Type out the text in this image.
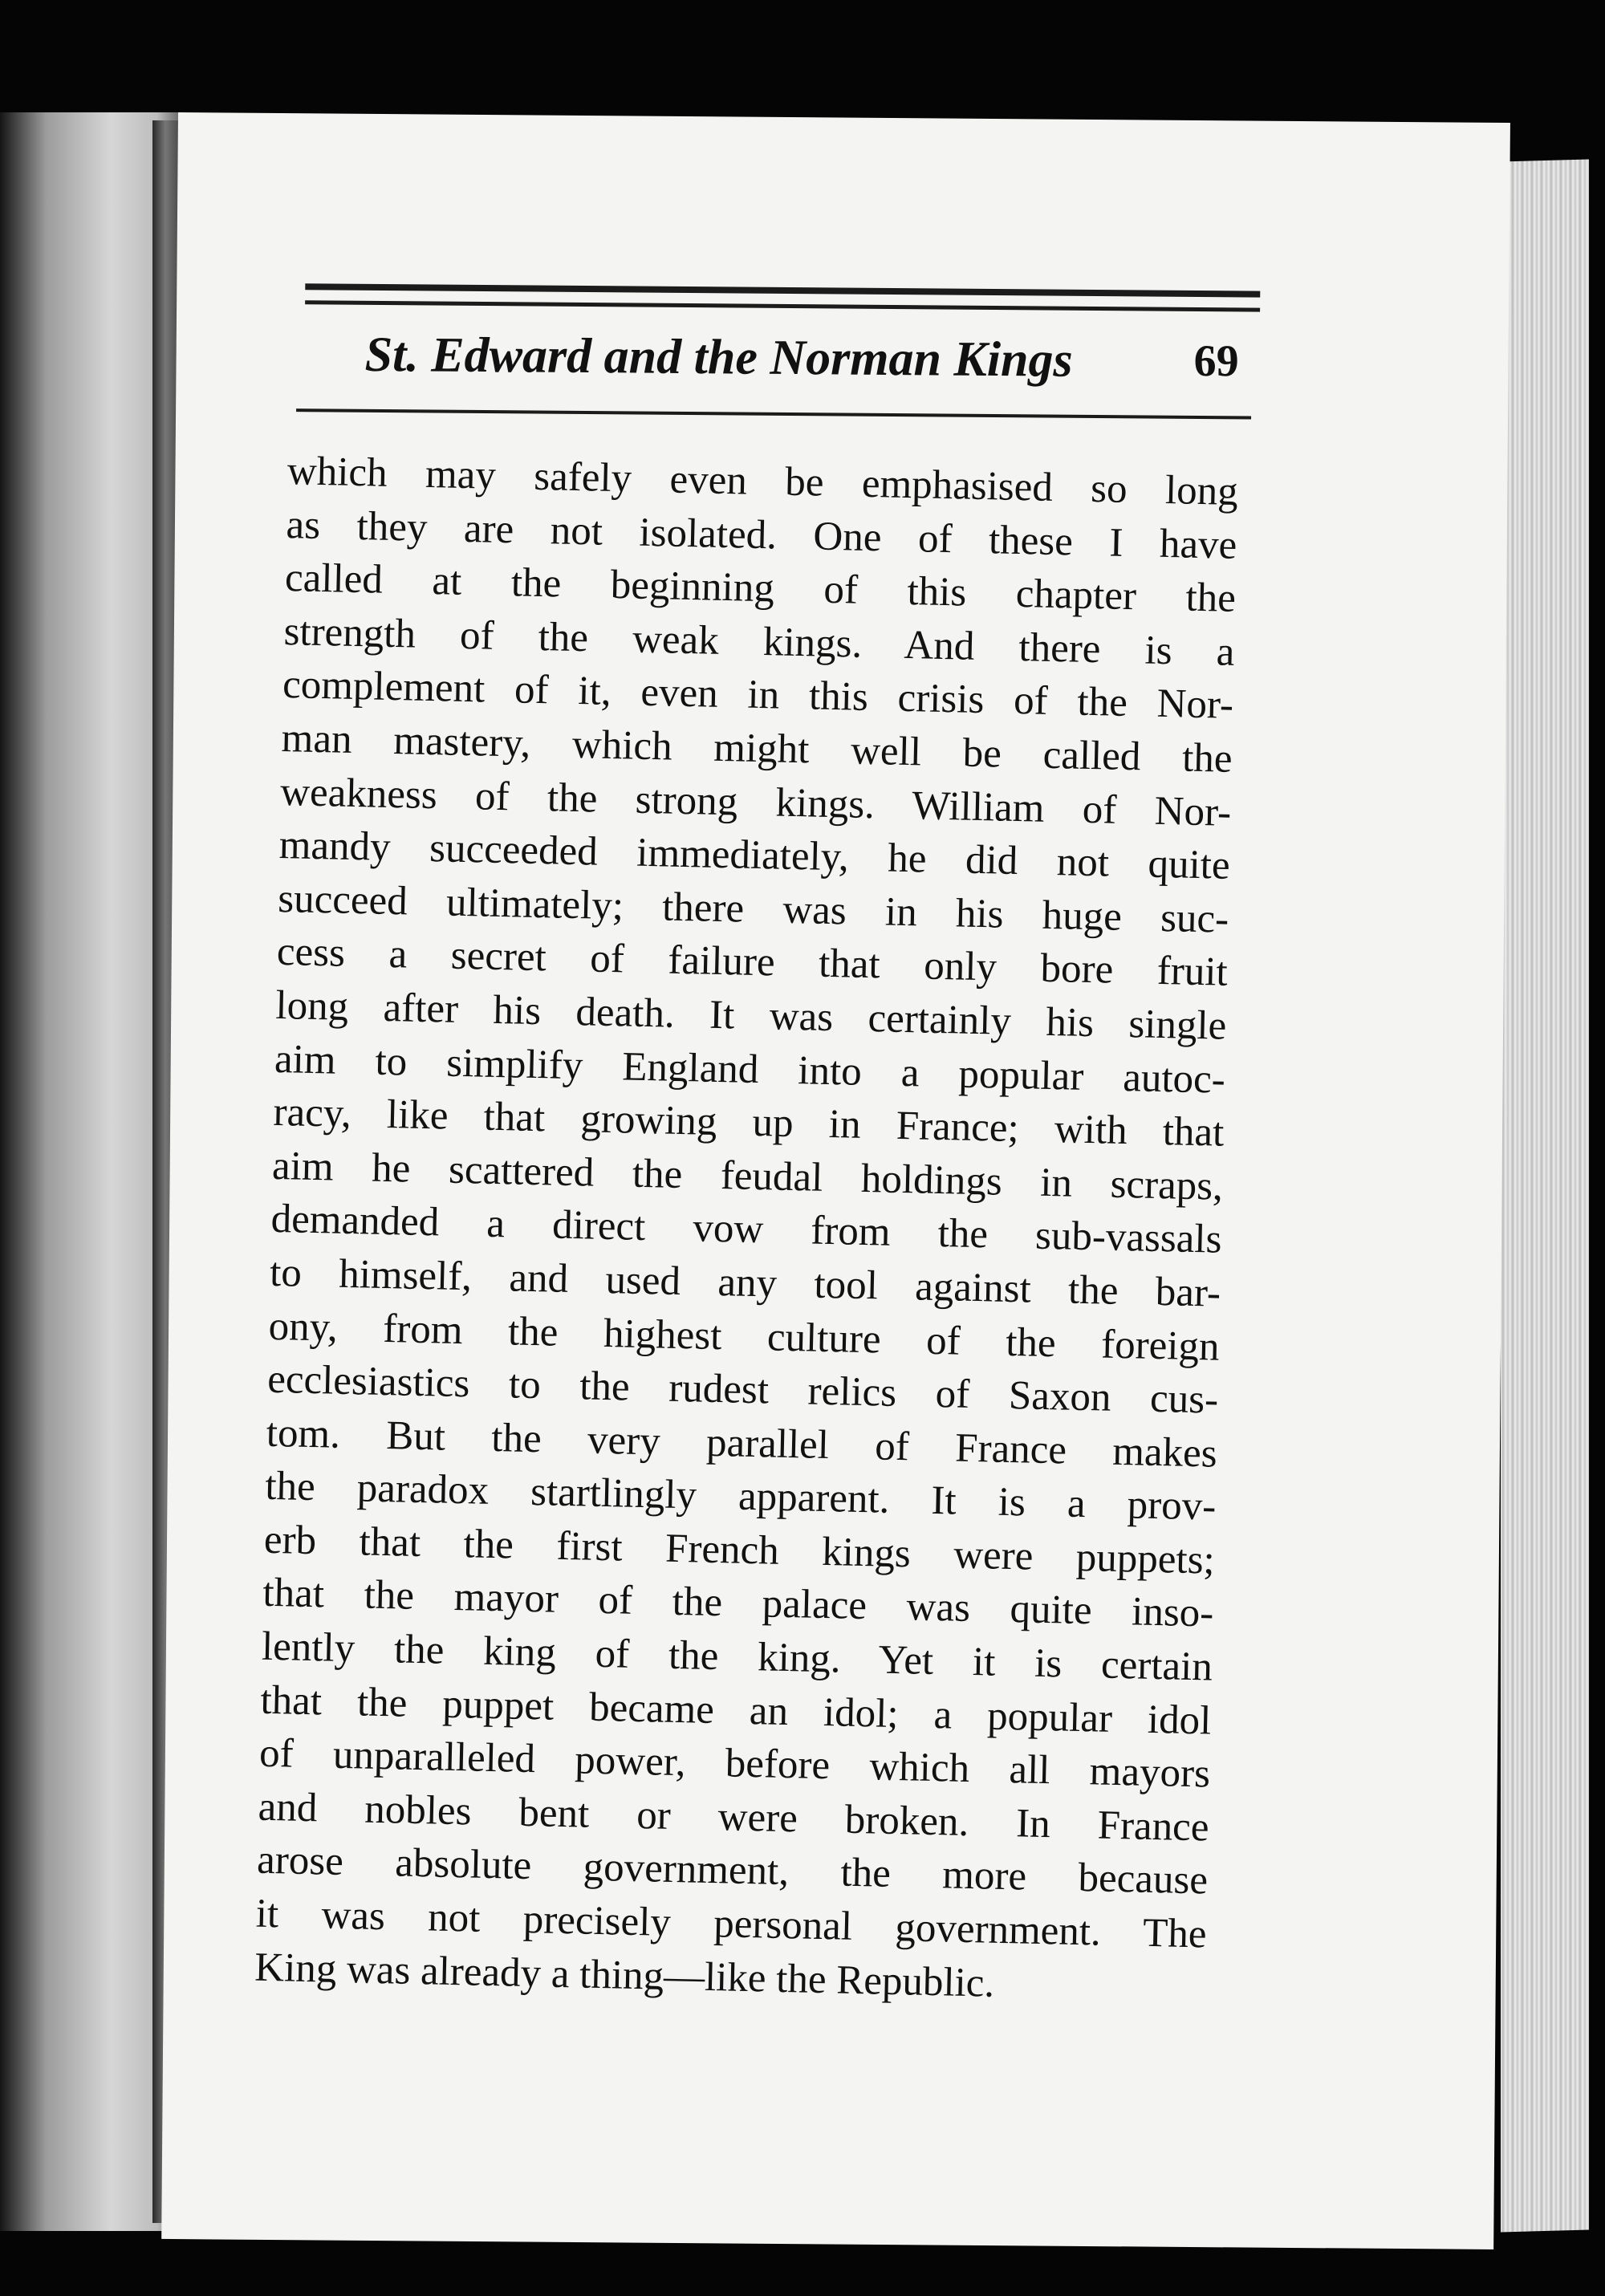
St. Edward and the Norman Kings	69
which may safely even be emphasised so long
as they are not isolated. One of these I have
called at the beginning of this chapter the
strength of the weak kings. And there is a
complement of it, even in this crisis of the Nor-
man mastery, which might well be called the
weakness of the strong kings. William of Nor-
mandy succeeded immediately, he did not quite
succeed ultimately; there was in his huge suc-
cess a secret of failure that only bore fruit
long after his death. It was certainly his single
aim to simplify England into a popular autoc-
racy, like that growing up in France; with that
aim he scattered the feudal holdings in scraps,
demanded a direct vow from the sub-vassals
to himself, and used any tool against the bar-
ony, from the highest culture of the foreign
ecclesiastics to the rudest relics of Saxon cus-
tom. But the very parallel of France makes
the paradox startlingly apparent. It is a prov-
erb that the first French kings were puppets;
that the mayor of the palace was quite inso-
lently the king of the king. Yet it is certain
that the puppet became an idol; a popular idol
of unparalleled power, before which all mayors
and nobles bent or were broken. In France
arose absolute government, the more because
it was not precisely personal government. The
King was already a thing—like the Republic.
